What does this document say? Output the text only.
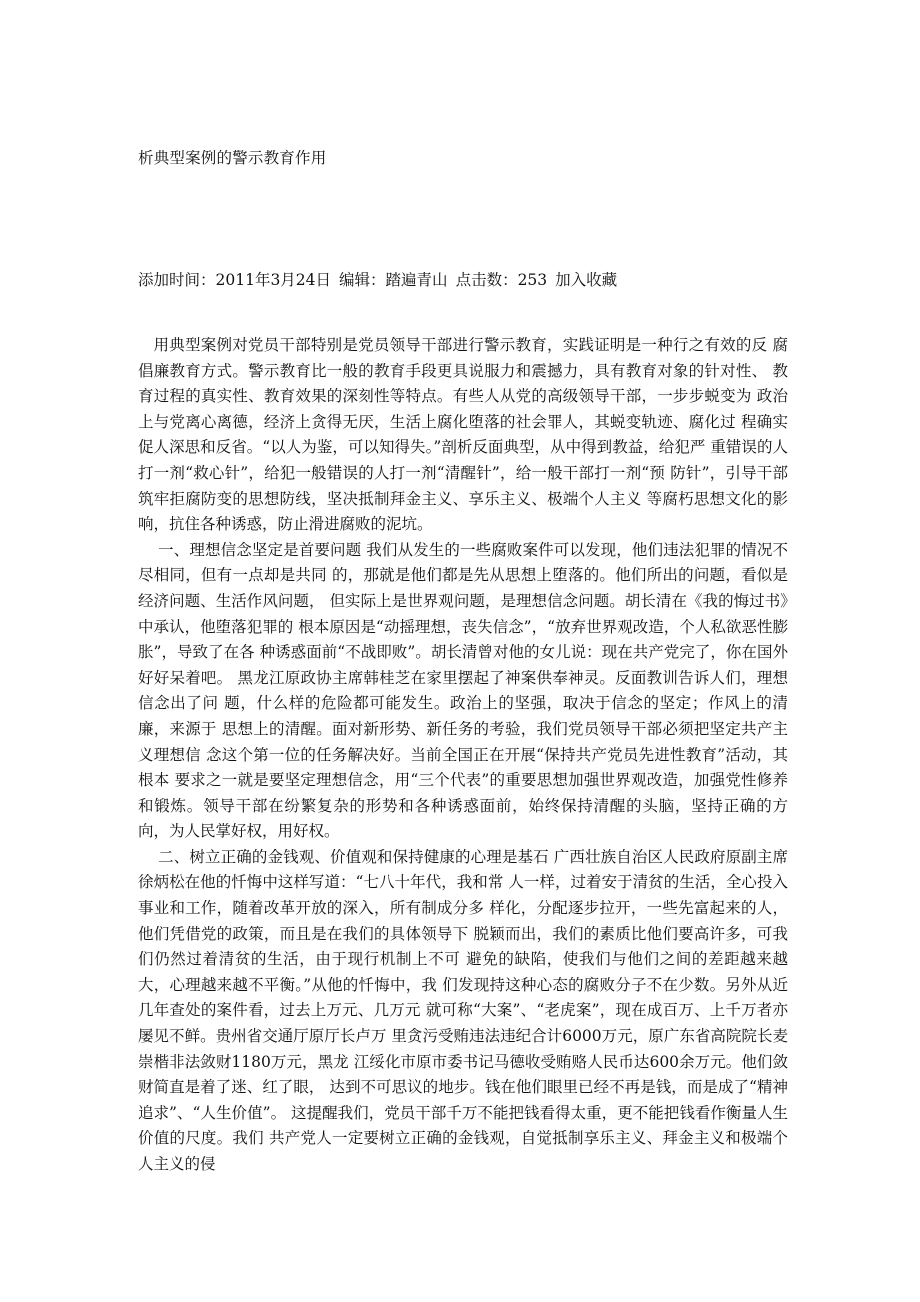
析典型案例的警示教育作用
添加时间：2011年3月24日 编辑：踏遍青山 点击数：253 加入收藏

用典型案例对党员干部特别是党员领导干部进行警示教育，实践证明是一种行之有效的反 腐倡廉教育方式。警示教育比一般的教育手段更具说服力和震撼力，具有教育对象的针对性、 教育过程的真实性、教育效果的深刻性等特点。有些人从党的高级领导干部，一步步蜕变为 政治上与党离心离德，经济上贪得无厌，生活上腐化堕落的社会罪人，其蜕变轨迹、腐化过 程确实促人深思和反省。“以人为鉴，可以知得失。”剖析反面典型，从中得到教益，给犯严 重错误的人打一剂“救心针”，给犯一般错误的人打一剂“清醒针”，给一般干部打一剂“预 防针”，引导干部筑牢拒腐防变的思想防线，坚决抵制拜金主义、享乐主义、极端个人主义 等腐朽思想文化的影响，抗住各种诱惑，防止滑进腐败的泥坑。

一、理想信念坚定是首要问题 我们从发生的一些腐败案件可以发现，他们违法犯罪的情况不尽相同，但有一点却是共同 的，那就是他们都是先从思想上堕落的。他们所出的问题，看似是经济问题、生活作风问题， 但实际上是世界观问题，是理想信念问题。胡长清在《我的悔过书》中承认，他堕落犯罪的 根本原因是“动摇理想，丧失信念”，“放弃世界观改造，个人私欲恶性膨胀”，导致了在各 种诱惑面前“不战即败”。胡长清曾对他的女儿说：现在共产党完了，你在国外好好呆着吧。 黑龙江原政协主席韩桂芝在家里摆起了神案供奉神灵。反面教训告诉人们，理想信念出了问 题，什么样的危险都可能发生。政治上的坚强，取决于信念的坚定；作风上的清廉，来源于 思想上的清醒。面对新形势、新任务的考验，我们党员领导干部必须把坚定共产主义理想信 念这个第一位的任务解决好。当前全国正在开展“保持共产党员先进性教育”活动，其根本 要求之一就是要坚定理想信念，用“三个代表”的重要思想加强世界观改造，加强党性修养 和锻炼。领导干部在纷繁复杂的形势和各种诱惑面前，始终保持清醒的头脑，坚持正确的方 向，为人民掌好权，用好权。

二、树立正确的金钱观、价值观和保持健康的心理是基石 广西壮族自治区人民政府原副主席徐炳松在他的忏悔中这样写道：“七八十年代，我和常 人一样，过着安于清贫的生活，全心投入事业和工作，随着改革开放的深入，所有制成分多 样化，分配逐步拉开，一些先富起来的人，他们凭借党的政策，而且是在我们的具体领导下 脱颖而出，我们的素质比他们要高许多，可我们仍然过着清贫的生活，由于现行机制上不可 避免的缺陷，使我们与他们之间的差距越来越大，心理越来越不平衡。”从他的忏悔中，我 们发现持这种心态的腐败分子不在少数。另外从近几年查处的案件看，过去上万元、几万元 就可称“大案”、“老虎案”，现在成百万、上千万者亦屡见不鲜。贵州省交通厅原厅长卢万 里贪污受贿违法违纪合计6000万元，原广东省高院院长麦崇楷非法敛财1180万元，黑龙 江绥化市原市委书记马德收受贿赂人民币达600余万元。他们敛财简直是着了迷、红了眼， 达到不可思议的地步。钱在他们眼里已经不再是钱，而是成了“精神追求”、“人生价值”。 这提醒我们，党员干部千万不能把钱看得太重，更不能把钱看作衡量人生价值的尺度。我们 共产党人一定要树立正确的金钱观，自觉抵制享乐主义、拜金主义和极端个人主义的侵
